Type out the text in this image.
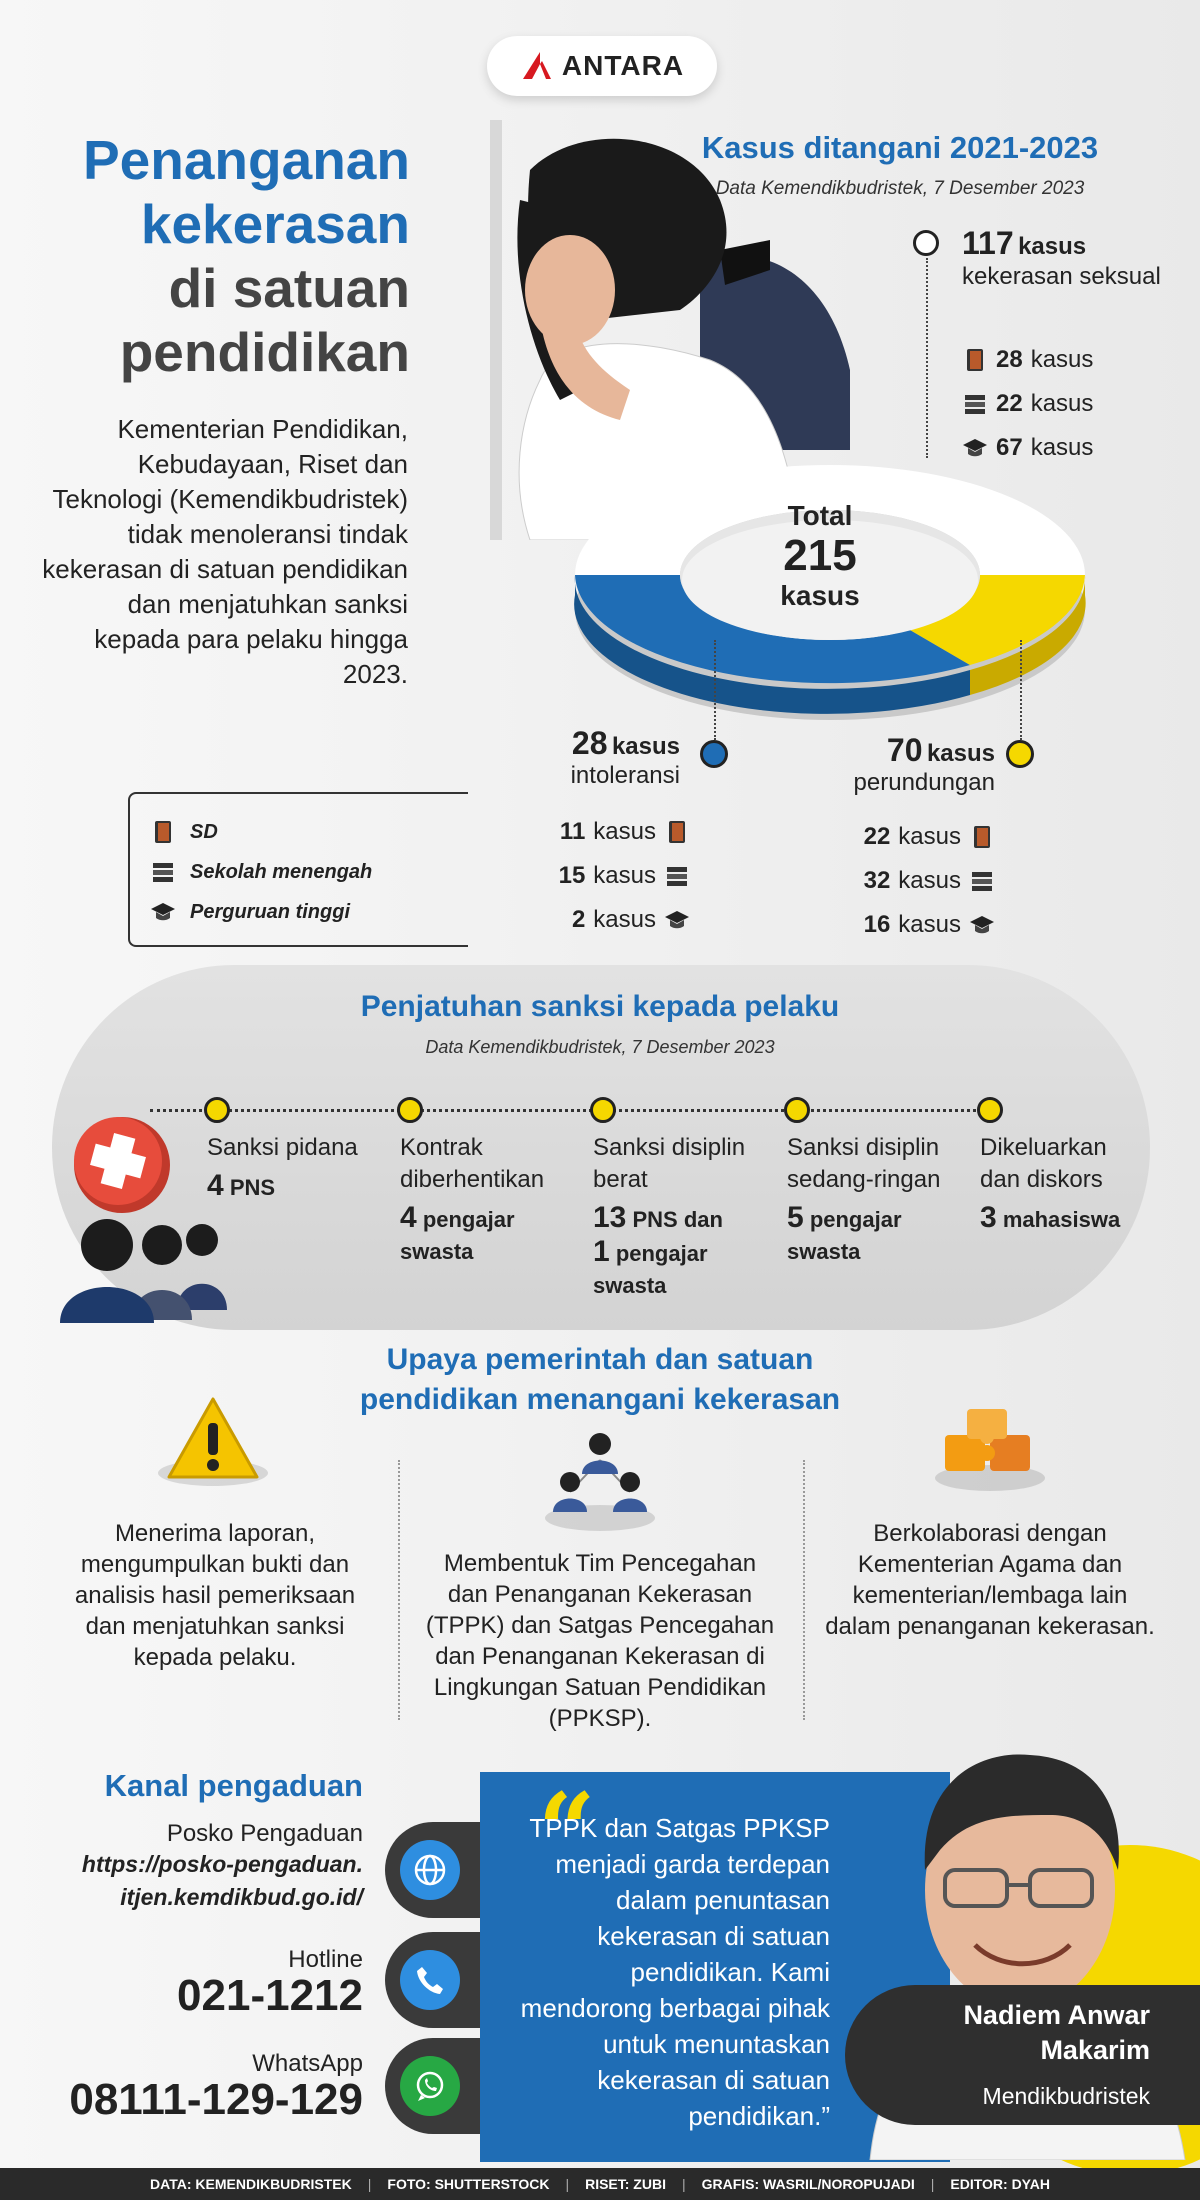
ANTARA
Penanganan
kekerasan
di satuan
pendidikan
Kementerian Pendidikan, Kebudayaan, Riset dan Teknologi (Kemendikbudristek) tidak menoleransi tindak kekerasan di satuan pendidikan dan menjatuhkan sanksi kepada para pelaku hingga 2023.
Kasus ditangani 2021-2023
Data Kemendikbudristek, 7 Desember 2023
117 kasus
kekerasan seksual
28 kasus
22 kasus
67 kasus
Total
215
kasus
28 kasus
intoleransi
11 kasus
15 kasus
2 kasus
70 kasus
perundungan
22 kasus
32 kasus
16 kasus
SD
Sekolah menengah
Perguruan tinggi
Penjatuhan sanksi kepada pelaku
Data Kemendikbudristek, 7 Desember 2023
Sanksi pidana
4 PNS
Kontrak diberhentikan
4 pengajar swasta
Sanksi disiplin berat
13 PNS dan
1 pengajar swasta
Sanksi disiplin sedang-ringan
5 pengajar swasta
Dikeluarkan dan diskors
3 mahasiswa
Upaya pemerintah dan satuan
pendidikan menangani kekerasan
Menerima laporan, mengumpulkan bukti dan analisis hasil pemeriksaan dan menjatuhkan sanksi kepada pelaku.
Membentuk Tim Pencegahan dan Penanganan Kekerasan (TPPK) dan Satgas Pencegahan dan Penanganan Kekerasan di Lingkungan Satuan Pendidikan (PPKSP).
Berkolaborasi dengan Kementerian Agama dan kementerian/lembaga lain dalam penanganan kekerasan.
Kanal pengaduan
Posko Pengaduan
https://posko-pengaduan.
itjen.kemdikbud.go.id/
Hotline
021-1212
WhatsApp
08111-129-129
“
TPPK dan Satgas PPKSP menjadi garda terdepan dalam penuntasan kekerasan di satuan pendidikan. Kami mendorong berbagai pihak untuk menuntaskan kekerasan di satuan pendidikan.”
Nadiem Anwar
Makarim
Mendikbudristek
DATA: KEMENDIKBUDRISTEK | FOTO: SHUTTERSTOCK | RISET: ZUBI | GRAFIS: WASRIL/NOROPUJADI | EDITOR: DYAH
